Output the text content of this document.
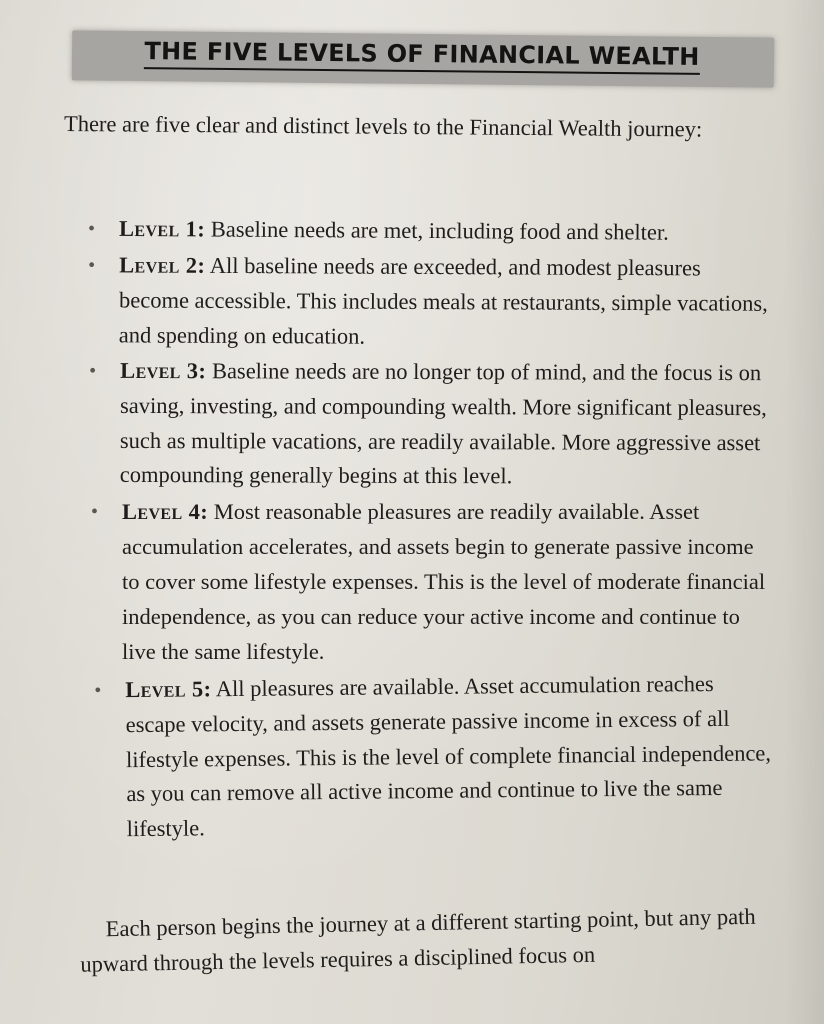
THE FIVE LEVELS OF FINANCIAL WEALTH

There are five clear and distinct levels to the Financial Wealth journey:

• Level 1: Baseline needs are met, including food and shelter.
• Level 2: All baseline needs are exceeded, and modest pleasures become accessible. This includes meals at restaurants, simple vacations, and spending on education.
• Level 3: Baseline needs are no longer top of mind, and the focus is on saving, investing, and compounding wealth. More significant pleasures, such as multiple vacations, are readily available. More aggressive asset compounding generally begins at this level.
• Level 4: Most reasonable pleasures are readily available. Asset accumulation accelerates, and assets begin to generate passive income to cover some lifestyle expenses. This is the level of moderate financial independence, as you can reduce your active income and continue to live the same lifestyle.
• Level 5: All pleasures are available. Asset accumulation reaches escape velocity, and assets generate passive income in excess of all lifestyle expenses. This is the level of complete financial independence, as you can remove all active income and continue to live the same lifestyle.

Each person begins the journey at a different starting point, but any path upward through the levels requires a disciplined focus on
